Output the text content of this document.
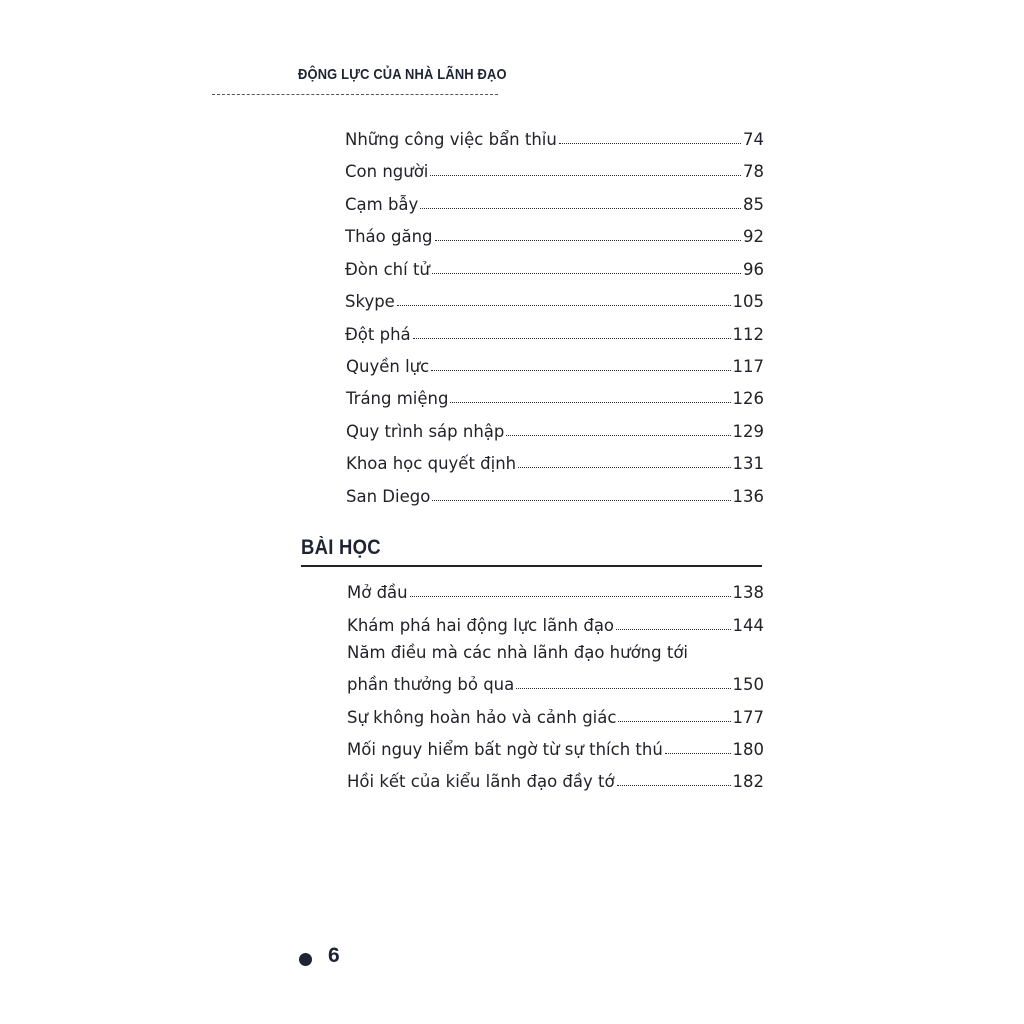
ĐỘNG LỰC CỦA NHÀ LÃNH ĐẠO
Những công việc bẩn thỉu	74
Con người	78
Cạm bẫy	85
Tháo găng	92
Đòn chí tử	96
Skype	105
Đột phá	112
Quyền lực	117
Tráng miệng	126
Quy trình sáp nhập	129
Khoa học quyết định	131
San Diego	136
BÀI HỌC
Mở đầu	138
Khám phá hai động lực lãnh đạo	144
Năm điều mà các nhà lãnh đạo hướng tới
phần thưởng bỏ qua	150
Sự không hoàn hảo và cảnh giác	177
Mối nguy hiểm bất ngờ từ sự thích thú	180
Hồi kết của kiểu lãnh đạo đầy tớ	182
6
